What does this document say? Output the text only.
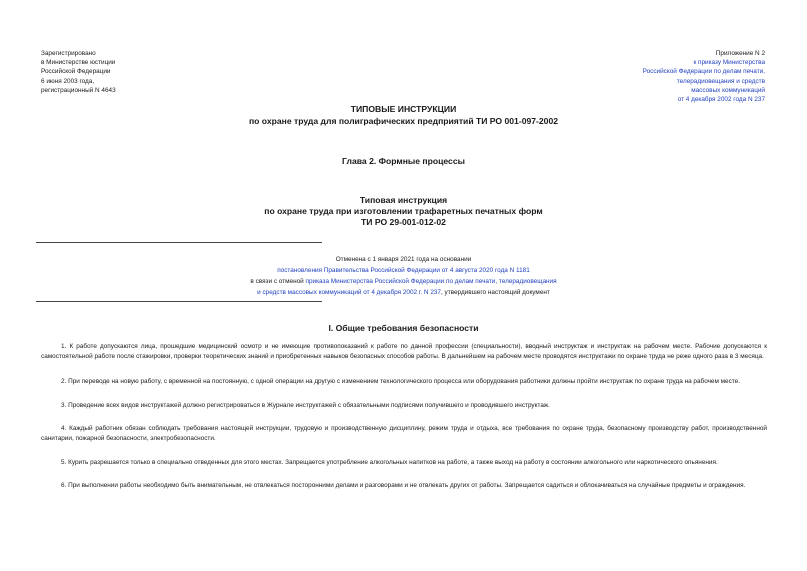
Зарегистрировано
в Министерстве юстиции
Российской Федерации
6 июня 2003 года,
регистрационный N 4643
Приложение N 2
к приказу Министерства
Российской Федерации по делам печати,
телерадиовещания и средств
массовых коммуникаций
от 4 декабря 2002 года N 237
ТИПОВЫЕ ИНСТРУКЦИИ
по охране труда для полиграфических предприятий ТИ РО 001-097-2002
Глава 2. Формные процессы
Типовая инструкция
по охране труда при изготовлении трафаретных печатных форм
ТИ РО 29-001-012-02
Отменена с 1 января 2021 года на основании
постановления Правительства Российской Федерации от 4 августа 2020 года N 1181
в связи с отменой приказа Министерства Российской Федерации по делам печати, телерадиовещания
и средств массовых коммуникаций от 4 декабря 2002 г. N 237, утвердившего настоящий документ
I. Общие требования безопасности
1. К работе допускаются лица, прошедшие медицинский осмотр и не имеющие противопоказаний к работе по данной профессии (специальности), вводный инструктаж и инструктаж на рабочем месте. Рабочие допускаются к самостоятельной работе после стажировки, проверки теоретических знаний и приобретенных навыков безопасных способов работы. В дальнейшем на рабочем месте проводятся инструктажи по охране труда не реже одного раза в 3 месяца.
2. При переводе на новую работу, с временной на постоянную, с одной операции на другую с изменением технологического процесса или оборудования работники должны пройти инструктаж по охране труда на рабочем месте.
3. Проведение всех видов инструктажей должно регистрироваться в Журнале инструктажей с обязательными подписями получившего и проводившего инструктаж.
4. Каждый работник обязан соблюдать требования настоящей инструкции, трудовую и производственную дисциплину, режим труда и отдыха, все требования по охране труда, безопасному производству работ, производственной санитарии, пожарной безопасности, электробезопасности.
5. Курить разрешается только в специально отведенных для этого местах. Запрещается употребление алкогольных напитков на работе, а также выход на работу в состоянии алкогольного или наркотического опьянения.
6. При выполнении работы необходимо быть внимательным, не отвлекаться посторонними делами и разговорами и не отвлекать других от работы. Запрещается садиться и облокачиваться на случайные предметы и ограждения.
